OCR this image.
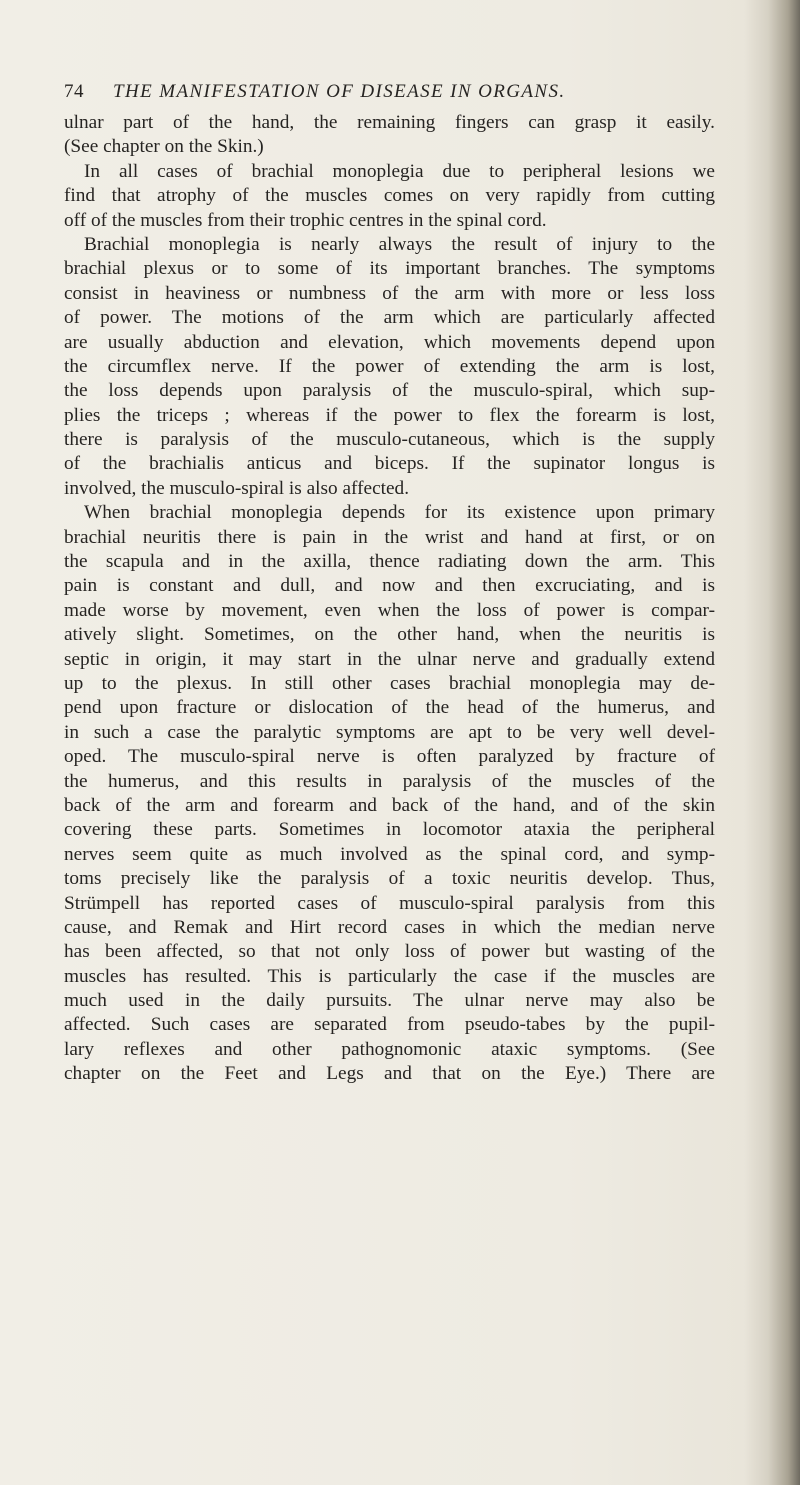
74 THE MANIFESTATION OF DISEASE IN ORGANS.
ulnar part of the hand, the remaining fingers can grasp it easily.
(See chapter on the Skin.)
In all cases of brachial monoplegia due to peripheral lesions we
find that atrophy of the muscles comes on very rapidly from cutting
off of the muscles from their trophic centres in the spinal cord.
Brachial monoplegia is nearly always the result of injury to the
brachial plexus or to some of its important branches. The symptoms
consist in heaviness or numbness of the arm with more or less loss
of power. The motions of the arm which are particularly affected
are usually abduction and elevation, which movements depend upon
the circumflex nerve. If the power of extending the arm is lost,
the loss depends upon paralysis of the musculo-spiral, which sup-
plies the triceps ; whereas if the power to flex the forearm is lost,
there is paralysis of the musculo-cutaneous, which is the supply
of the brachialis anticus and biceps. If the supinator longus is
involved, the musculo-spiral is also affected.
When brachial monoplegia depends for its existence upon primary
brachial neuritis there is pain in the wrist and hand at first, or on
the scapula and in the axilla, thence radiating down the arm. This
pain is constant and dull, and now and then excruciating, and is
made worse by movement, even when the loss of power is compar-
atively slight. Sometimes, on the other hand, when the neuritis is
septic in origin, it may start in the ulnar nerve and gradually extend
up to the plexus. In still other cases brachial monoplegia may de-
pend upon fracture or dislocation of the head of the humerus, and
in such a case the paralytic symptoms are apt to be very well devel-
oped. The musculo-spiral nerve is often paralyzed by fracture of
the humerus, and this results in paralysis of the muscles of the
back of the arm and forearm and back of the hand, and of the skin
covering these parts. Sometimes in locomotor ataxia the peripheral
nerves seem quite as much involved as the spinal cord, and symp-
toms precisely like the paralysis of a toxic neuritis develop. Thus,
Strümpell has reported cases of musculo-spiral paralysis from this
cause, and Remak and Hirt record cases in which the median nerve
has been affected, so that not only loss of power but wasting of the
muscles has resulted. This is particularly the case if the muscles are
much used in the daily pursuits. The ulnar nerve may also be
affected. Such cases are separated from pseudo-tabes by the pupil-
lary reflexes and other pathognomonic ataxic symptoms. (See
chapter on the Feet and Legs and that on the Eye.) There are
